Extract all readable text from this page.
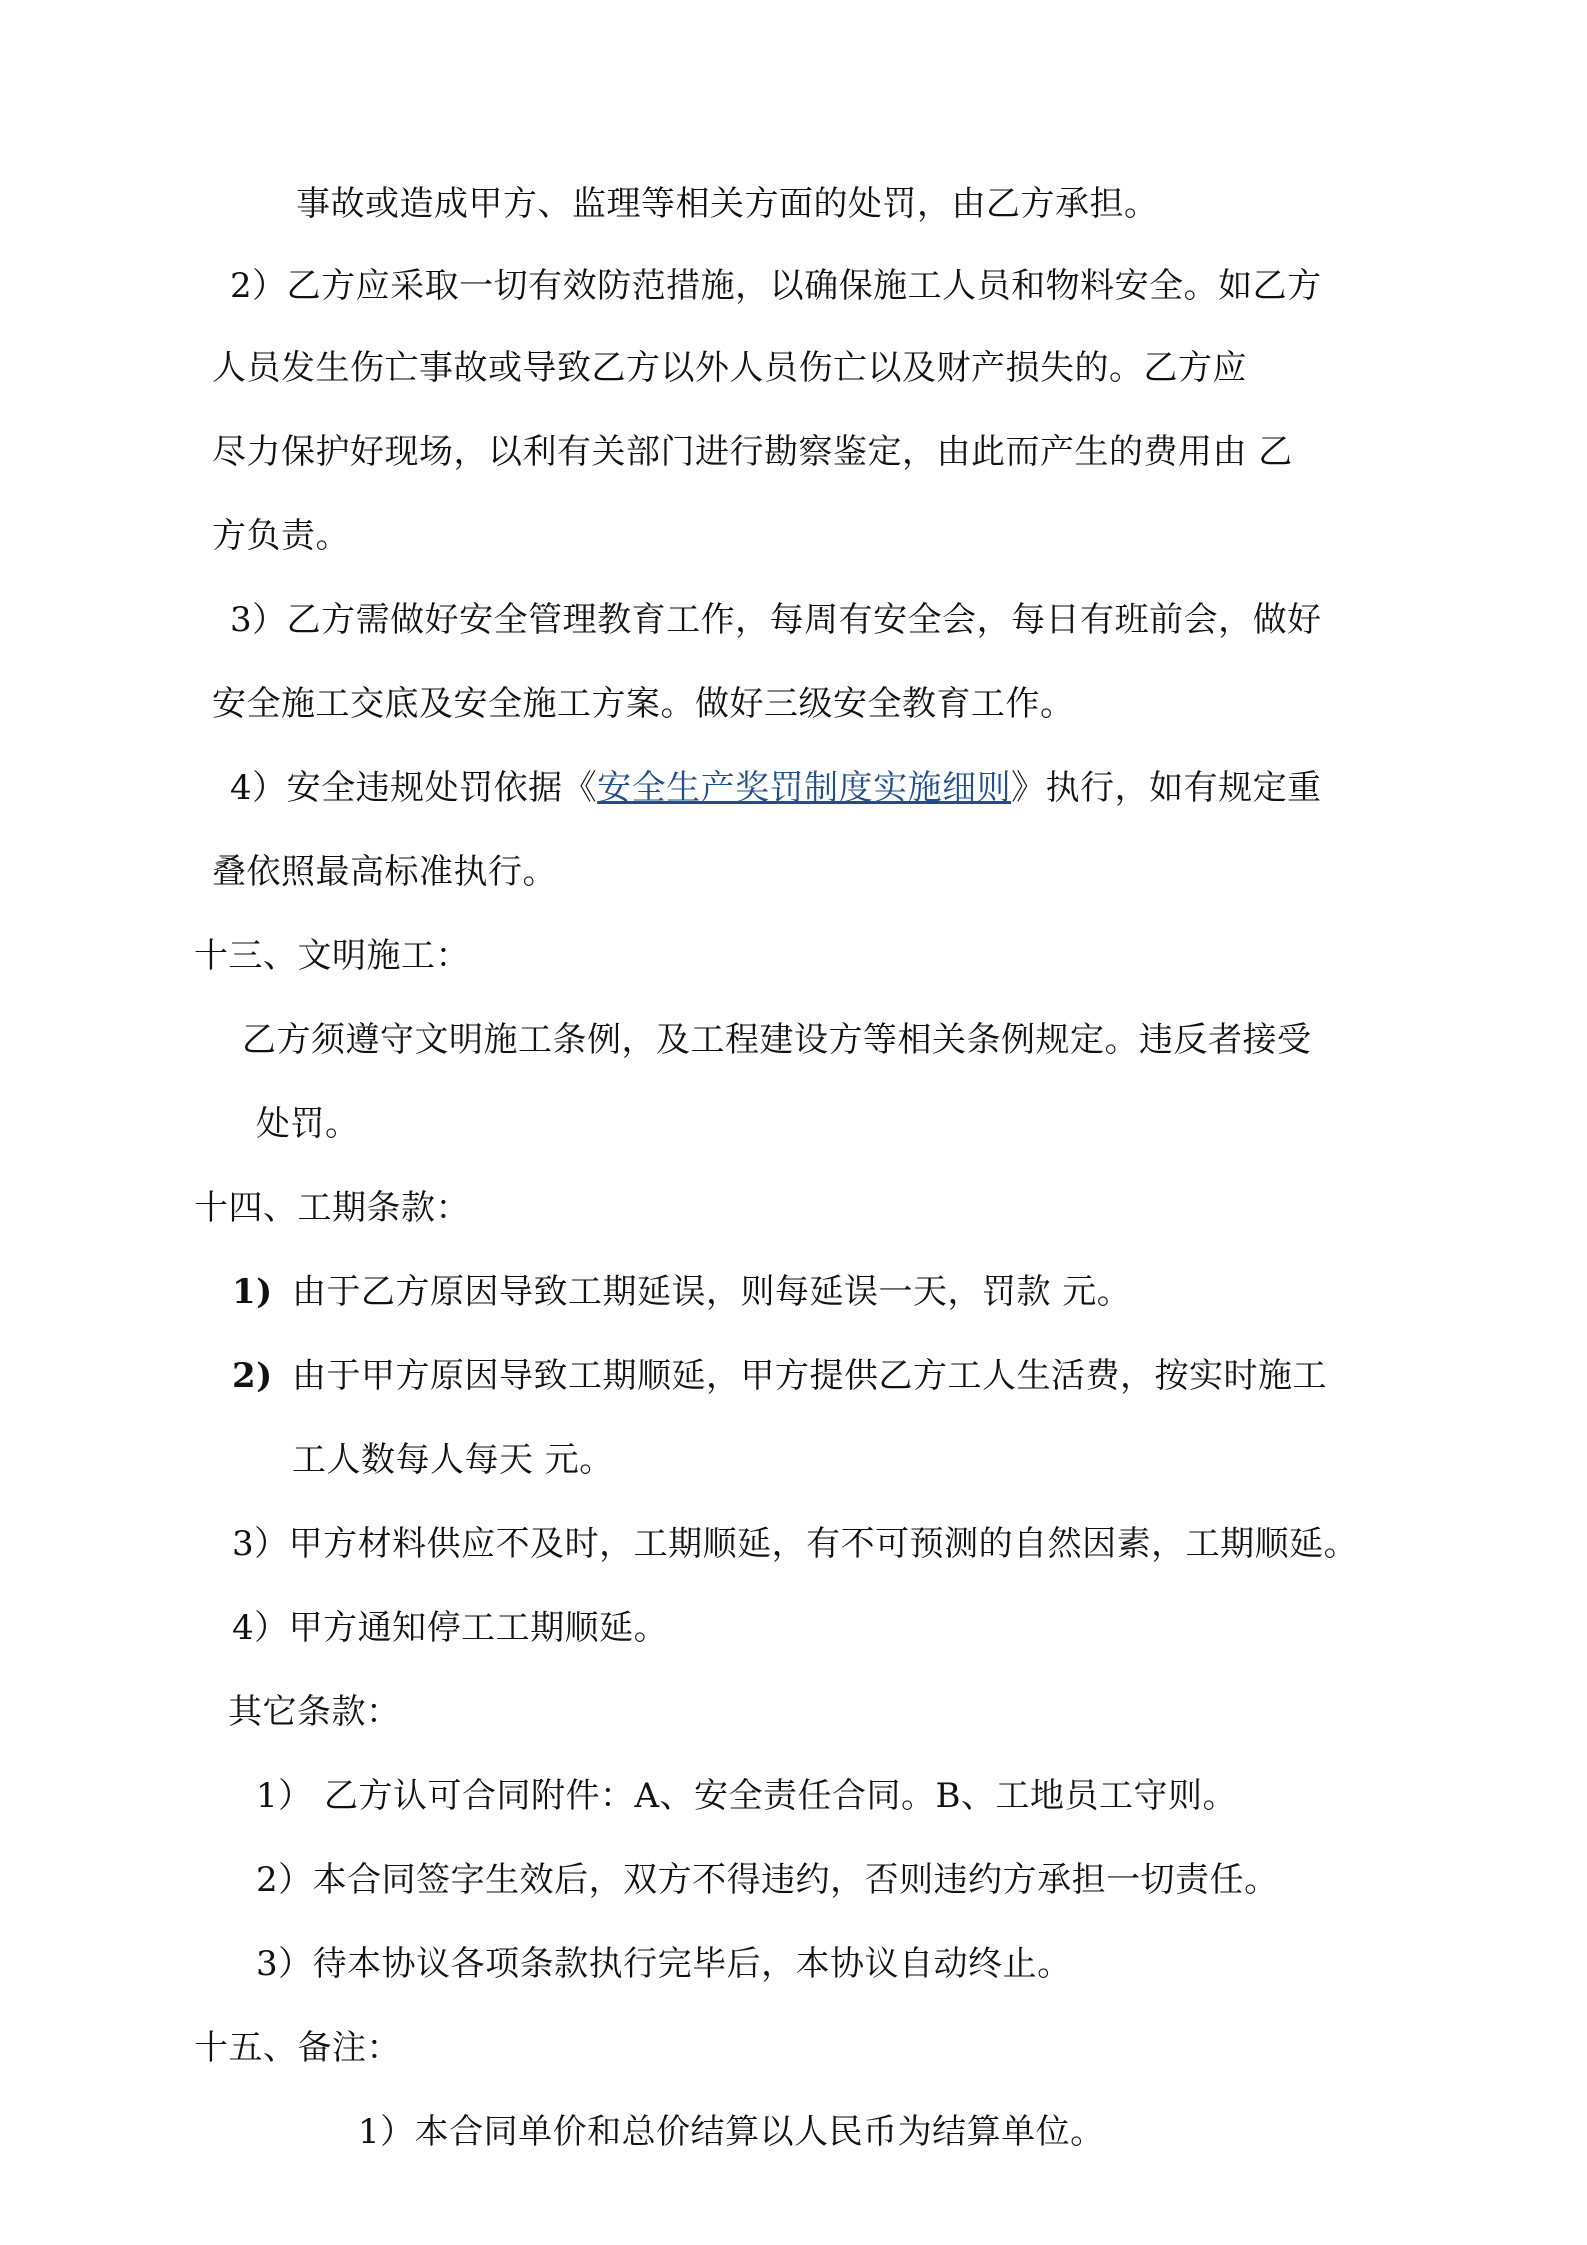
事故或造成甲方、监理等相关方面的处罚，由乙方承担。
2）乙方应采取一切有效防范措施，以确保施工人员和物料安全。如乙方
人员发生伤亡事故或导致乙方以外人员伤亡以及财产损失的。乙方应
尽力保护好现场，以利有关部门进行勘察鉴定，由此而产生的费用由 乙
方负责。
3）乙方需做好安全管理教育工作，每周有安全会，每日有班前会，做好
安全施工交底及安全施工方案。做好三级安全教育工作。
4）安全违规处罚依据《安全生产奖罚制度实施细则》执行，如有规定重
叠依照最高标准执行。
十三、文明施工：
乙方须遵守文明施工条例，及工程建设方等相关条例规定。违反者接受
处罚。
十四、工期条款：
1) 由于乙方原因导致工期延误，则每延误一天，罚款 元。
2) 由于甲方原因导致工期顺延，甲方提供乙方工人生活费，按实时施工
工人数每人每天 元。
3）甲方材料供应不及时，工期顺延，有不可预测的自然因素，工期顺延。
4）甲方通知停工工期顺延。
其它条款：
1） 乙方认可合同附件：A、安全责任合同。B、工地员工守则。
2）本合同签字生效后，双方不得违约，否则违约方承担一切责任。
3）待本协议各项条款执行完毕后，本协议自动终止。
十五、备注：
1）本合同单价和总价结算以人民币为结算单位。
